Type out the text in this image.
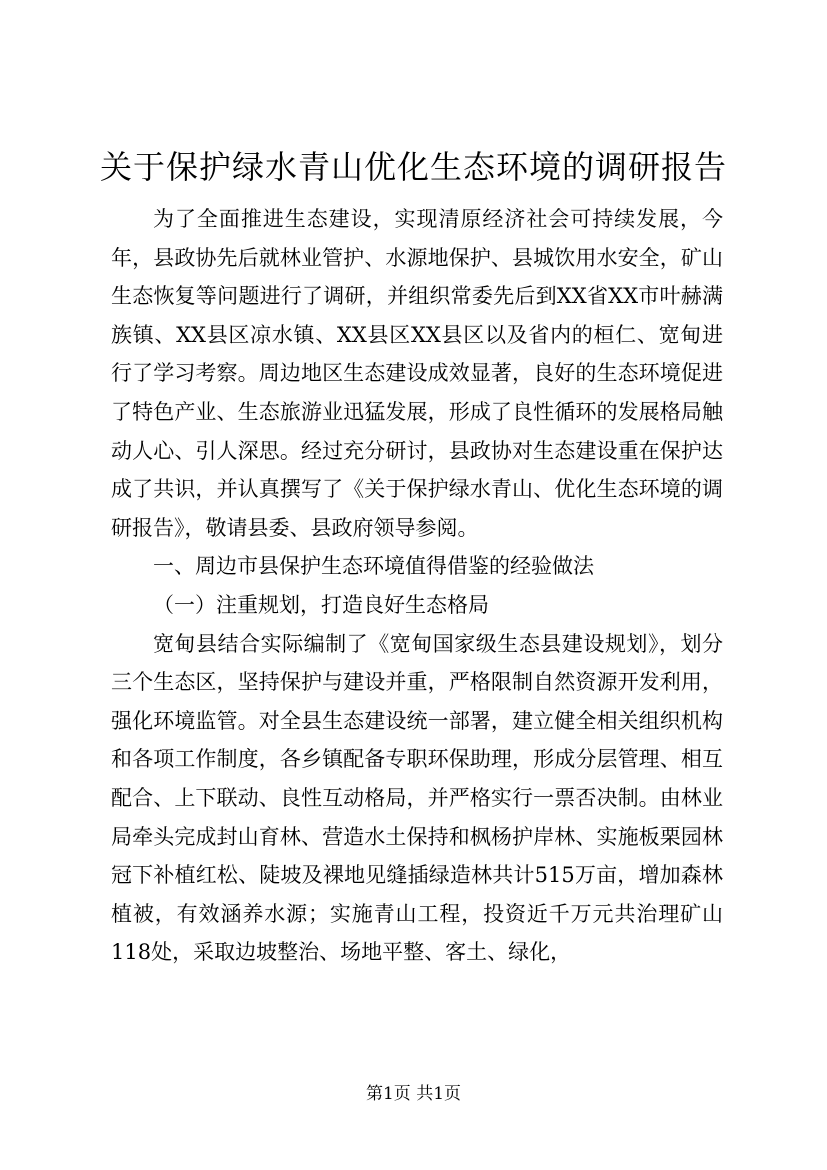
关于保护绿水青山优化生态环境的调研报告

为了全面推进生态建设，实现清原经济社会可持续发展，今年，县政协先后就林业管护、水源地保护、县城饮用水安全，矿山生态恢复等问题进行了调研，并组织常委先后到XX省XX市叶赫满族镇、XX县区凉水镇、XX县区XX县区以及省内的桓仁、宽甸进行了学习考察。周边地区生态建设成效显著，良好的生态环境促进了特色产业、生态旅游业迅猛发展，形成了良性循环的发展格局触动人心、引人深思。经过充分研讨，县政协对生态建设重在保护达成了共识，并认真撰写了《关于保护绿水青山、优化生态环境的调研报告》，敬请县委、县政府领导参阅。

一、周边市县保护生态环境值得借鉴的经验做法

（一）注重规划，打造良好生态格局

宽甸县结合实际编制了《宽甸国家级生态县建设规划》，划分三个生态区，坚持保护与建设并重，严格限制自然资源开发利用，强化环境监管。对全县生态建设统一部署，建立健全相关组织机构和各项工作制度，各乡镇配备专职环保助理，形成分层管理、相互配合、上下联动、良性互动格局，并严格实行一票否决制。由林业局牵头完成封山育林、营造水土保持和枫杨护岸林、实施板栗园林冠下补植红松、陡坡及裸地见缝插绿造林共计515万亩，增加森林植被，有效涵养水源；实施青山工程，投资近千万元共治理矿山118处，采取边坡整治、场地平整、客土、绿化，

第1页 共1页
